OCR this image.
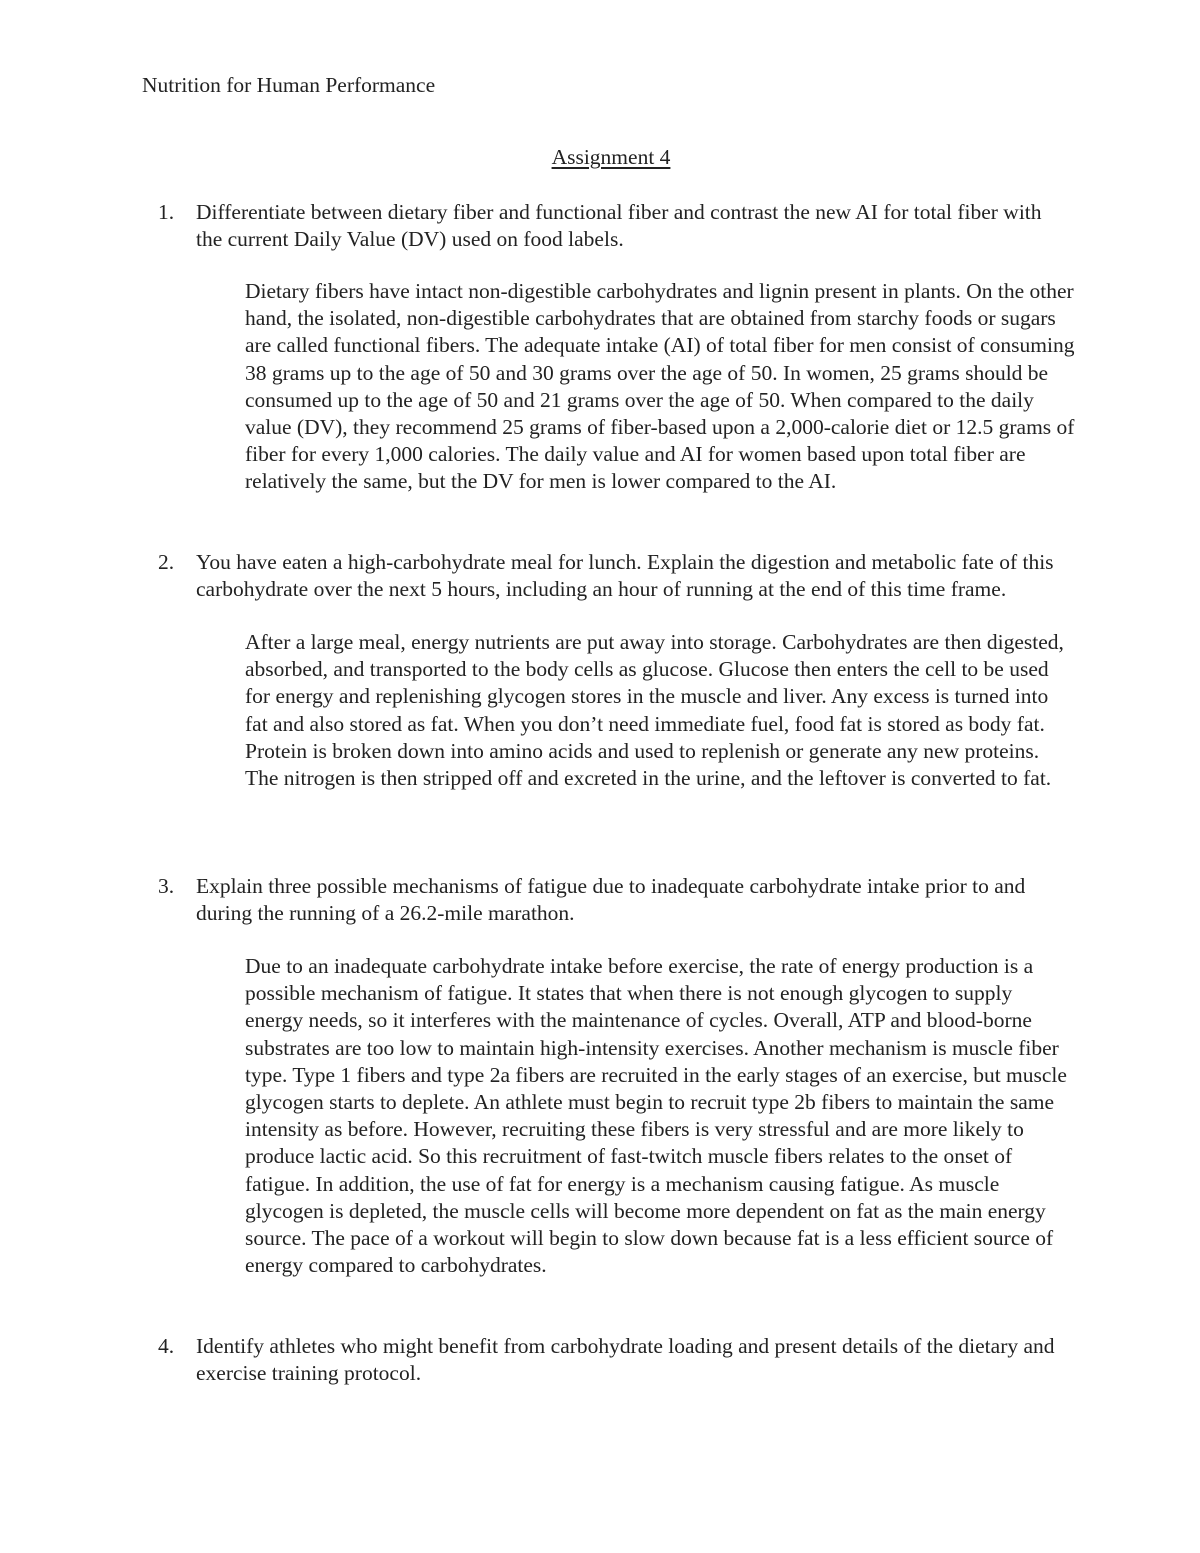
Nutrition for Human Performance
Assignment 4

1. Differentiate between dietary fiber and functional fiber and contrast the new AI for total fiber with the current Daily Value (DV) used on food labels.

Dietary fibers have intact non-digestible carbohydrates and lignin present in plants. On the other hand, the isolated, non-digestible carbohydrates that are obtained from starchy foods or sugars are called functional fibers. The adequate intake (AI) of total fiber for men consist of consuming 38 grams up to the age of 50 and 30 grams over the age of 50. In women, 25 grams should be consumed up to the age of 50 and 21 grams over the age of 50. When compared to the daily value (DV), they recommend 25 grams of fiber-based upon a 2,000-calorie diet or 12.5 grams of fiber for every 1,000 calories. The daily value and AI for women based upon total fiber are relatively the same, but the DV for men is lower compared to the AI.

2. You have eaten a high-carbohydrate meal for lunch. Explain the digestion and metabolic fate of this carbohydrate over the next 5 hours, including an hour of running at the end of this time frame.

After a large meal, energy nutrients are put away into storage. Carbohydrates are then digested, absorbed, and transported to the body cells as glucose. Glucose then enters the cell to be used for energy and replenishing glycogen stores in the muscle and liver. Any excess is turned into fat and also stored as fat. When you don’t need immediate fuel, food fat is stored as body fat. Protein is broken down into amino acids and used to replenish or generate any new proteins. The nitrogen is then stripped off and excreted in the urine, and the leftover is converted to fat.

3. Explain three possible mechanisms of fatigue due to inadequate carbohydrate intake prior to and during the running of a 26.2-mile marathon.

Due to an inadequate carbohydrate intake before exercise, the rate of energy production is a possible mechanism of fatigue. It states that when there is not enough glycogen to supply energy needs, so it interferes with the maintenance of cycles. Overall, ATP and blood-borne substrates are too low to maintain high-intensity exercises. Another mechanism is muscle fiber type. Type 1 fibers and type 2a fibers are recruited in the early stages of an exercise, but muscle glycogen starts to deplete. An athlete must begin to recruit type 2b fibers to maintain the same intensity as before. However, recruiting these fibers is very stressful and are more likely to produce lactic acid. So this recruitment of fast-twitch muscle fibers relates to the onset of fatigue. In addition, the use of fat for energy is a mechanism causing fatigue. As muscle glycogen is depleted, the muscle cells will become more dependent on fat as the main energy source. The pace of a workout will begin to slow down because fat is a less efficient source of energy compared to carbohydrates.

4. Identify athletes who might benefit from carbohydrate loading and present details of the dietary and exercise training protocol.
